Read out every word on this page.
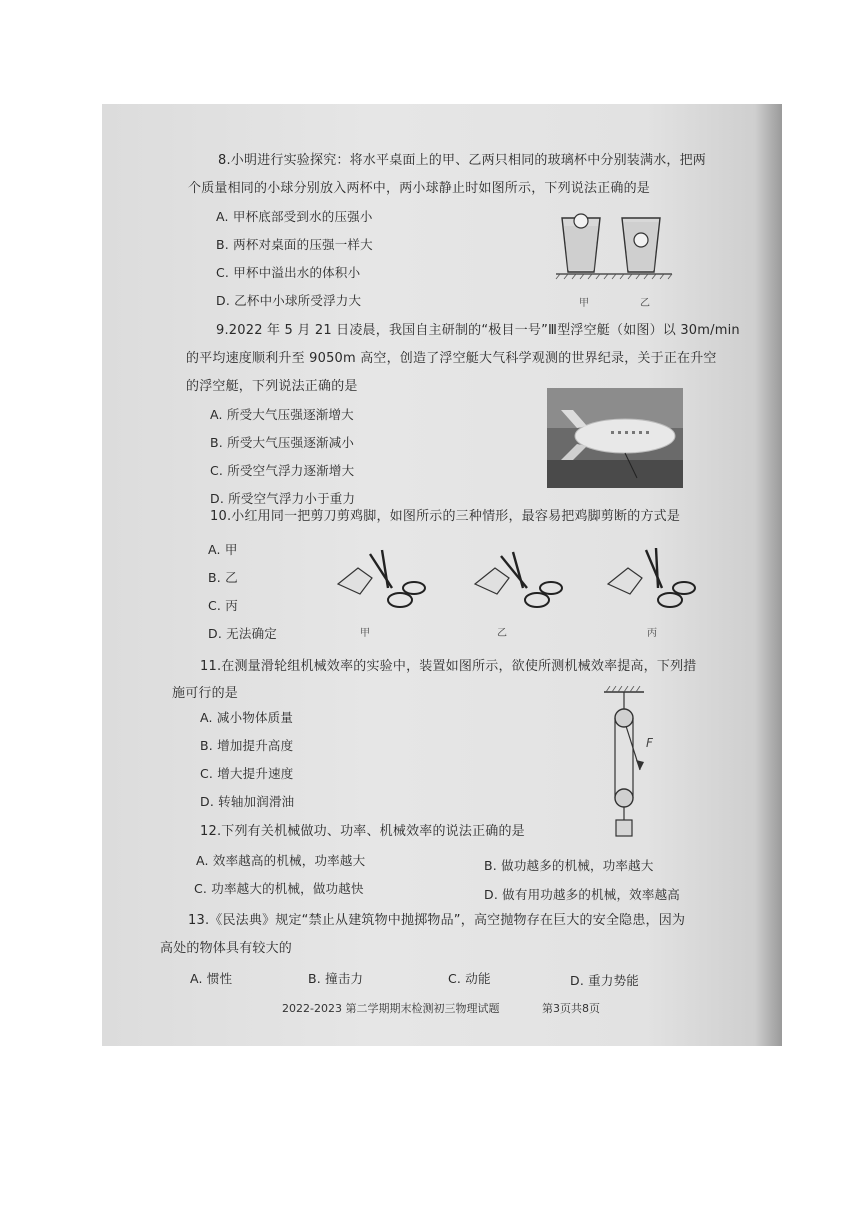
8.小明进行实验探究：将水平桌面上的甲、乙两只相同的玻璃杯中分别装满水，把两
个质量相同的小球分别放入两杯中，两小球静止时如图所示，下列说法正确的是
A. 甲杯底部受到水的压强小
B. 两杯对桌面的压强一样大
C. 甲杯中溢出水的体积小
D. 乙杯中小球所受浮力大	甲	乙
9.2022 年 5 月 21 日凌晨，我国自主研制的“极目一号”Ⅲ型浮空艇（如图）以 30m/min
的平均速度顺利升至 9050m 高空，创造了浮空艇大气科学观测的世界纪录，关于正在升空
的浮空艇，下列说法正确的是
A. 所受大气压强逐渐增大
B. 所受大气压强逐渐减小
C. 所受空气浮力逐渐增大
D. 所受空气浮力小于重力
10.小红用同一把剪刀剪鸡脚，如图所示的三种情形，最容易把鸡脚剪断的方式是
A. 甲
B. 乙
C. 丙
D. 无法确定	甲	乙	丙
11.在测量滑轮组机械效率的实验中，装置如图所示，欲使所测机械效率提高，下列措
施可行的是
A. 减小物体质量
B. 增加提升高度
C. 增大提升速度
D. 转轴加润滑油
F
12.下列有关机械做功、功率、机械效率的说法正确的是
A. 效率越高的机械，功率越大	B. 做功越多的机械，功率越大
C. 功率越大的机械，做功越快	D. 做有用功越多的机械，效率越高
13.《民法典》规定“禁止从建筑物中抛掷物品”，高空抛物存在巨大的安全隐患，因为
高处的物体具有较大的
A. 惯性	B. 撞击力	C. 动能	D. 重力势能
2022-2023 第二学期期末检测初三物理试题	第3页共8页
